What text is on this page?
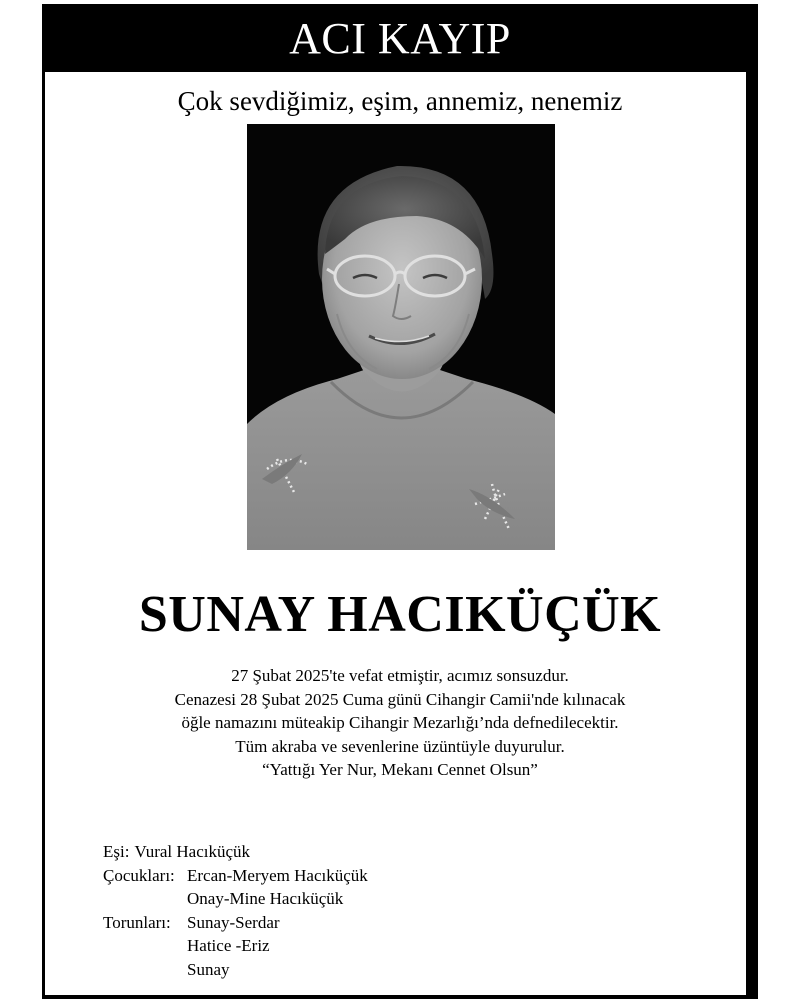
ACI KAYIP
Çok sevdiğimiz, eşim, annemiz, nenemiz
SUNAY HACIKÜÇÜK
27 Şubat 2025'te vefat etmiştir, acımız sonsuzdur.
Cenazesi 28 Şubat 2025 Cuma günü Cihangir Camii'nde kılınacak
öğle namazını müteakip Cihangir Mezarlığı’nda defnedilecektir.
Tüm akraba ve sevenlerine üzüntüyle duyurulur.
“Yattığı Yer Nur, Mekanı Cennet Olsun”
Eşi: Vural Hacıküçük
Çocukları: Ercan-Meryem Hacıküçük
Onay-Mine Hacıküçük
Torunları: Sunay-Serdar
Hatice -Eriz
Sunay
